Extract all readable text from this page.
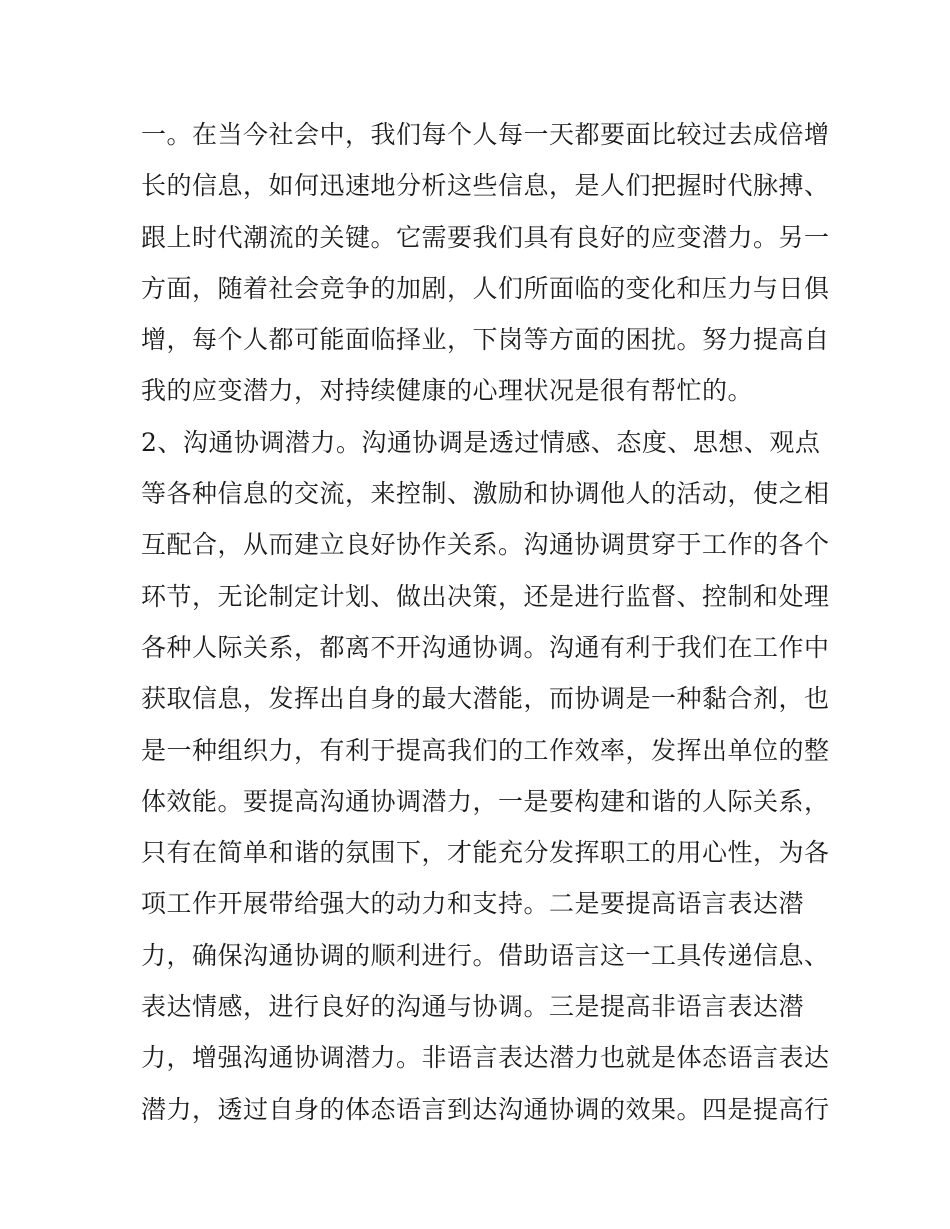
一。在当今社会中，我们每个人每一天都要面比较过去成倍增
长的信息，如何迅速地分析这些信息，是人们把握时代脉搏、
跟上时代潮流的关键。它需要我们具有良好的应变潜力。另一
方面，随着社会竞争的加剧，人们所面临的变化和压力与日俱
增，每个人都可能面临择业，下岗等方面的困扰。努力提高自
我的应变潜力，对持续健康的心理状况是很有帮忙的。
2、沟通协调潜力。沟通协调是透过情感、态度、思想、观点
等各种信息的交流，来控制、激励和协调他人的活动，使之相
互配合，从而建立良好协作关系。沟通协调贯穿于工作的各个
环节，无论制定计划、做出决策，还是进行监督、控制和处理
各种人际关系，都离不开沟通协调。沟通有利于我们在工作中
获取信息，发挥出自身的最大潜能，而协调是一种黏合剂，也
是一种组织力，有利于提高我们的工作效率，发挥出单位的整
体效能。要提高沟通协调潜力，一是要构建和谐的人际关系，
只有在简单和谐的氛围下，才能充分发挥职工的用心性，为各
项工作开展带给强大的动力和支持。二是要提高语言表达潜
力，确保沟通协调的顺利进行。借助语言这一工具传递信息、
表达情感，进行良好的沟通与协调。三是提高非语言表达潜
力，增强沟通协调潜力。非语言表达潜力也就是体态语言表达
潜力，透过自身的体态语言到达沟通协调的效果。四是提高行
